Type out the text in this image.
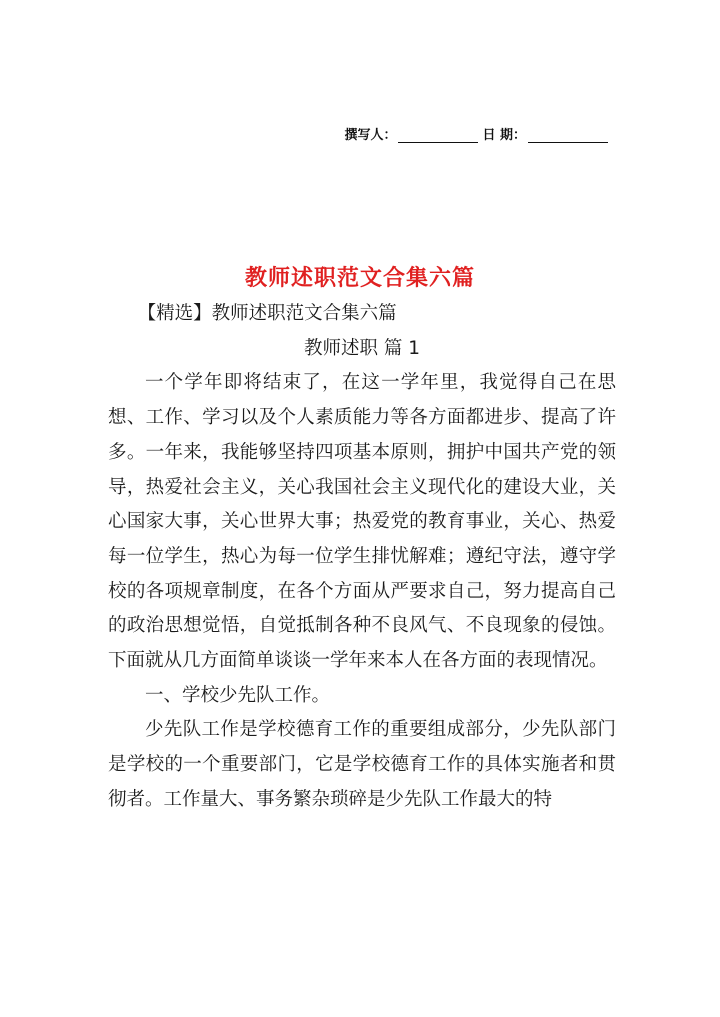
撰写人：	日 期：
教师述职范文合集六篇

【精选】教师述职范文合集六篇

教师述职 篇 1

一个学年即将结束了，在这一学年里，我觉得自己在思想、工作、学习以及个人素质能力等各方面都进步、提高了许多。一年来，我能够坚持四项基本原则，拥护中国共产党的领导，热爱社会主义，关心我国社会主义现代化的建设大业，关心国家大事，关心世界大事；热爱党的教育事业，关心、热爱每一位学生，热心为每一位学生排忧解难；遵纪守法，遵守学校的各项规章制度，在各个方面从严要求自己，努力提高自己的政治思想觉悟，自觉抵制各种不良风气、不良现象的侵蚀。下面就从几方面简单谈谈一学年来本人在各方面的表现情况。

一、学校少先队工作。

少先队工作是学校德育工作的重要组成部分，少先队部门是学校的一个重要部门，它是学校德育工作的具体实施者和贯彻者。工作量大、事务繁杂琐碎是少先队工作最大的特
